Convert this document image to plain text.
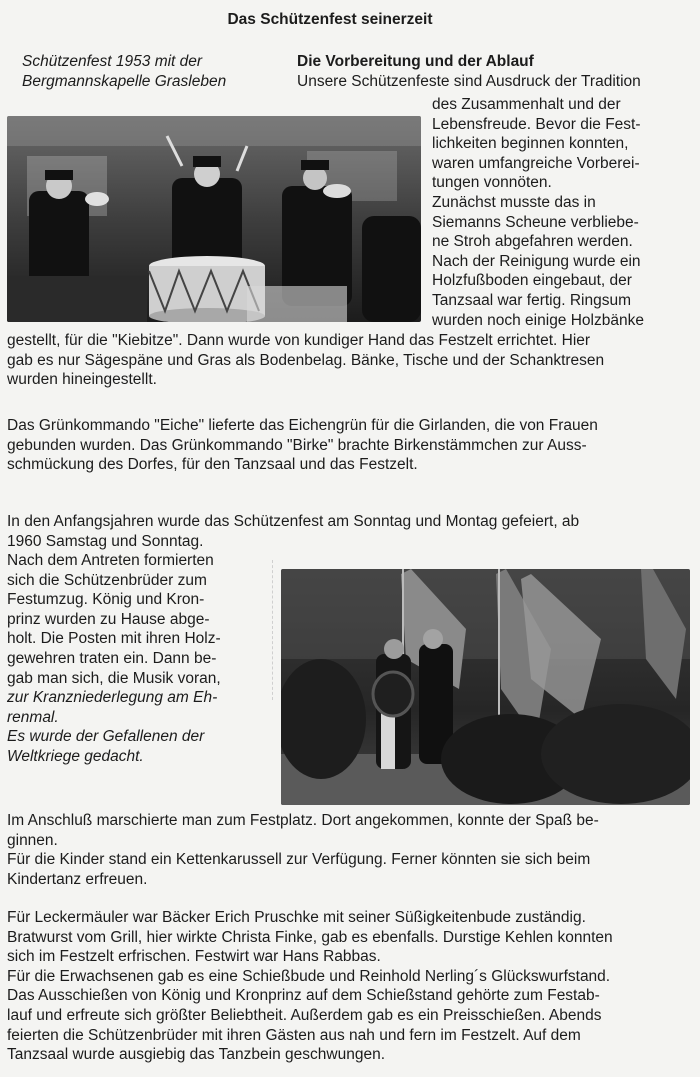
Das Schützenfest seinerzeit
Schützenfest 1953 mit der
Bergmannskapelle Grasleben
Die Vorbereitung und der Ablauf
Unsere Schützenfeste sind Ausdruck der Tradition
des Zusammenhalt und der
Lebensfreude. Bevor die Fest-
lichkeiten beginnen konnten,
waren umfangreiche Vorberei-
tungen vonnöten.
Zunächst musste das in
Siemanns Scheune verbliebe-
ne Stroh abgefahren werden.
Nach der Reinigung wurde ein
Holzfußboden eingebaut, der
Tanzsaal war fertig. Ringsum
wurden noch einige Holzbänke
gestellt, für die "Kiebitze". Dann wurde von kundiger Hand das Festzelt errichtet. Hier
gab es nur Sägespäne und Gras als Bodenbelag. Bänke, Tische und der Schanktresen
wurden hineingestellt.
Das Grünkommando "Eiche" lieferte das Eichengrün für die Girlanden, die von Frauen
gebunden wurden. Das Grünkommando "Birke" brachte Birkenstämmchen zur Auss-
schmückung des Dorfes, für den Tanzsaal und das Festzelt.
In den Anfangsjahren wurde das Schützenfest am Sonntag und Montag gefeiert, ab
1960 Samstag und Sonntag.
Nach dem Antreten formierten
sich die Schützenbrüder zum
Festumzug. König und Kron-
prinz wurden zu Hause abge-
holt. Die Posten mit ihren Holz-
gewehren traten ein. Dann be-
gab man sich, die Musik voran,
zur Kranzniederlegung am Eh-
renmal.
Es wurde der Gefallenen der
Weltkriege gedacht.
Im Anschluß marschierte man zum Festplatz. Dort angekommen, konnte der Spaß be-
ginnen.
Für die Kinder stand ein Kettenkarussell zur Verfügung. Ferner könnten sie sich beim
Kindertanz erfreuen.
Für Leckermäuler war Bäcker Erich Pruschke mit seiner Süßigkeitenbude zuständig.
Bratwurst vom Grill, hier wirkte Christa Finke, gab es ebenfalls. Durstige Kehlen konnten
sich im Festzelt erfrischen. Festwirt war Hans Rabbas.
Für die Erwachsenen gab es eine Schießbude und Reinhold Nerling´s Glückswurfstand.
Das Ausschießen von König und Kronprinz auf dem Schießstand gehörte zum Festab-
lauf und erfreute sich größter Beliebtheit. Außerdem gab es ein Preisschießen. Abends
feierten die Schützenbrüder mit ihren Gästen aus nah und fern im Festzelt. Auf dem
Tanzsaal wurde ausgiebig das Tanzbein geschwungen.
